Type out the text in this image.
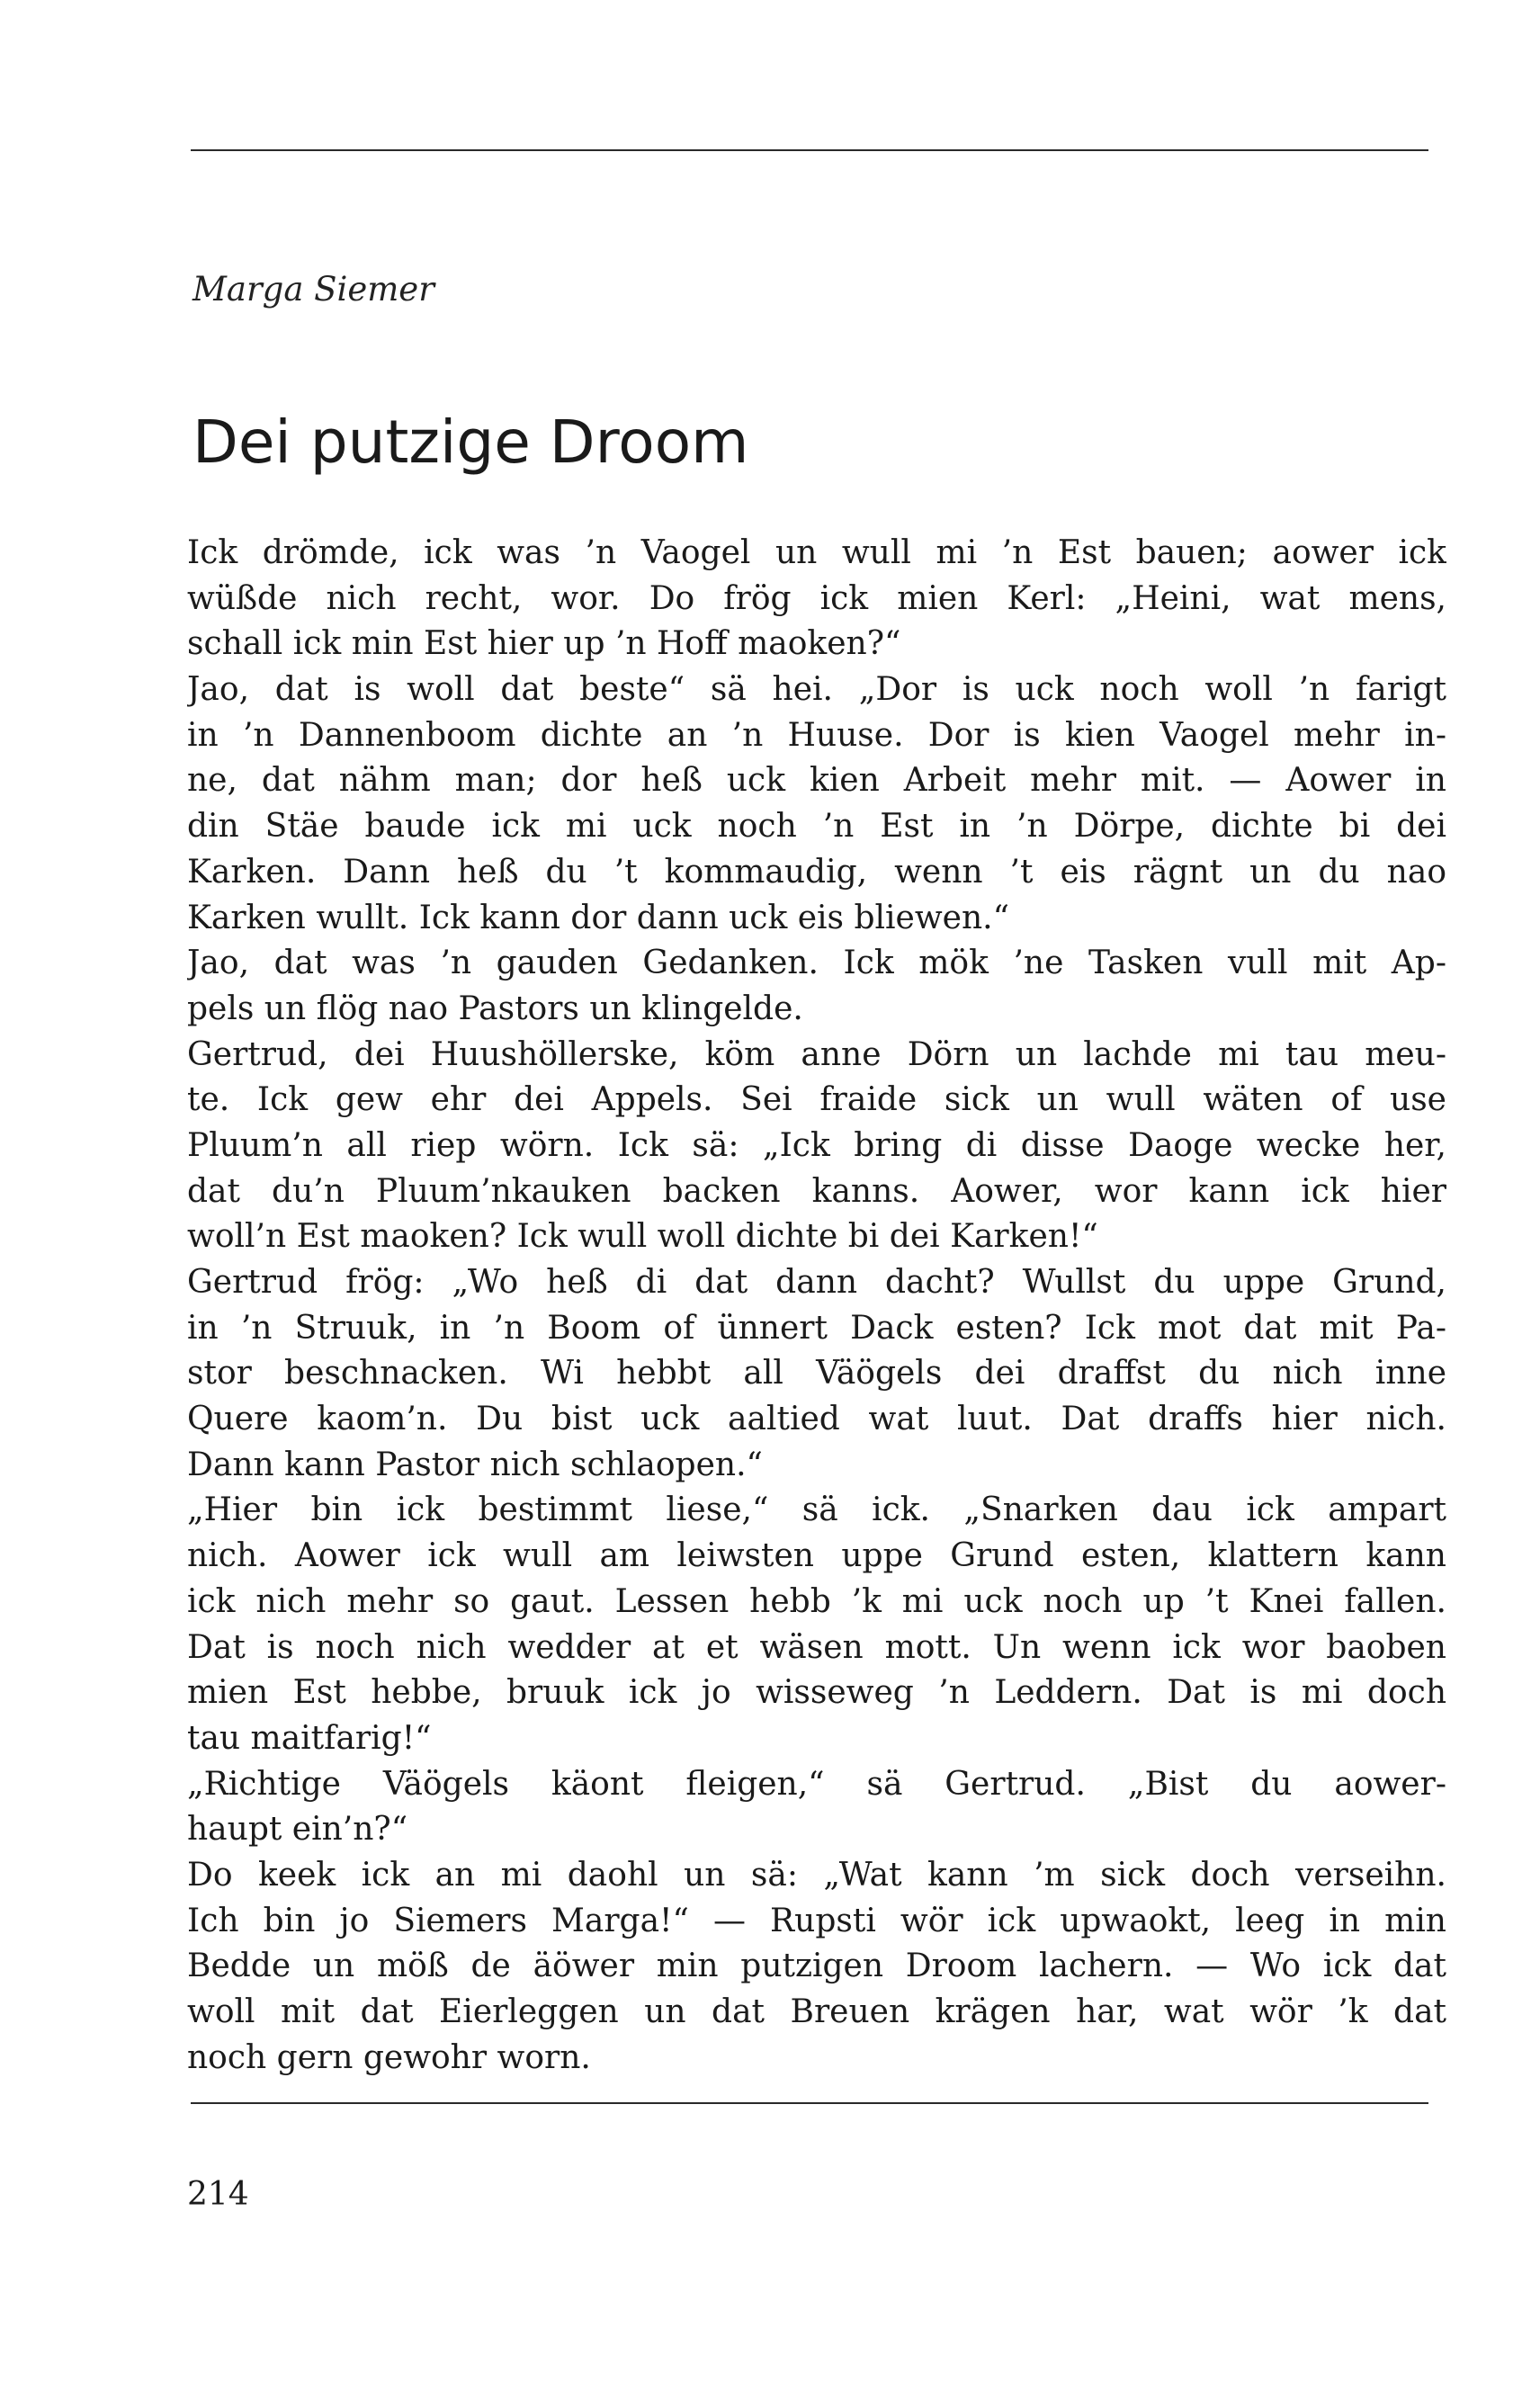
Marga Siemer

Dei putzige Droom
Ick drömde, ick was ’n Vaogel un wull mi ’n Est bauen; aower ick
wüßde nich recht, wor. Do frög ick mien Kerl: „Heini, wat mens,
schall ick min Est hier up ’n Hoff maoken?“
Jao, dat is woll dat beste“ sä hei. „Dor is uck noch woll ’n farigt
in ’n Dannenboom dichte an ’n Huuse. Dor is kien Vaogel mehr in-
ne, dat nähm man; dor heß uck kien Arbeit mehr mit. — Aower in
din Stäe baude ick mi uck noch ’n Est in ’n Dörpe, dichte bi dei
Karken. Dann heß du ’t kommaudig, wenn ’t eis rägnt un du nao
Karken wullt. Ick kann dor dann uck eis bliewen.“
Jao, dat was ’n gauden Gedanken. Ick mök ’ne Tasken vull mit Ap-
pels un flög nao Pastors un klingelde.
Gertrud, dei Huushöllerske, köm anne Dörn un lachde mi tau meu-
te. Ick gew ehr dei Appels. Sei fraide sick un wull wäten of use
Pluum’n all riep wörn. Ick sä: „Ick bring di disse Daoge wecke her,
dat du’n Pluum’nkauken backen kanns. Aower, wor kann ick hier
woll’n Est maoken? Ick wull woll dichte bi dei Karken!“
Gertrud frög: „Wo heß di dat dann dacht? Wullst du uppe Grund,
in ’n Struuk, in ’n Boom of ünnert Dack esten? Ick mot dat mit Pa-
stor beschnacken. Wi hebbt all Väögels dei draffst du nich inne
Quere kaom’n. Du bist uck aaltied wat luut. Dat draffs hier nich.
Dann kann Pastor nich schlaopen.“
„Hier bin ick bestimmt liese,“ sä ick. „Snarken dau ick ampart
nich. Aower ick wull am leiwsten uppe Grund esten, klattern kann
ick nich mehr so gaut. Lessen hebb ’k mi uck noch up ’t Knei fallen.
Dat is noch nich wedder at et wäsen mott. Un wenn ick wor baoben
mien Est hebbe, bruuk ick jo wisseweg ’n Leddern. Dat is mi doch
tau maitfarig!“
„Richtige Väögels käont fleigen,“ sä Gertrud. „Bist du aower-
haupt ein’n?“
Do keek ick an mi daohl un sä: „Wat kann ’m sick doch verseihn.
Ich bin jo Siemers Marga!“ — Rupsti wör ick upwaokt, leeg in min
Bedde un möß de äöwer min putzigen Droom lachern. — Wo ick dat
woll mit dat Eierleggen un dat Breuen krägen har, wat wör ’k dat
noch gern gewohr worn.

214
